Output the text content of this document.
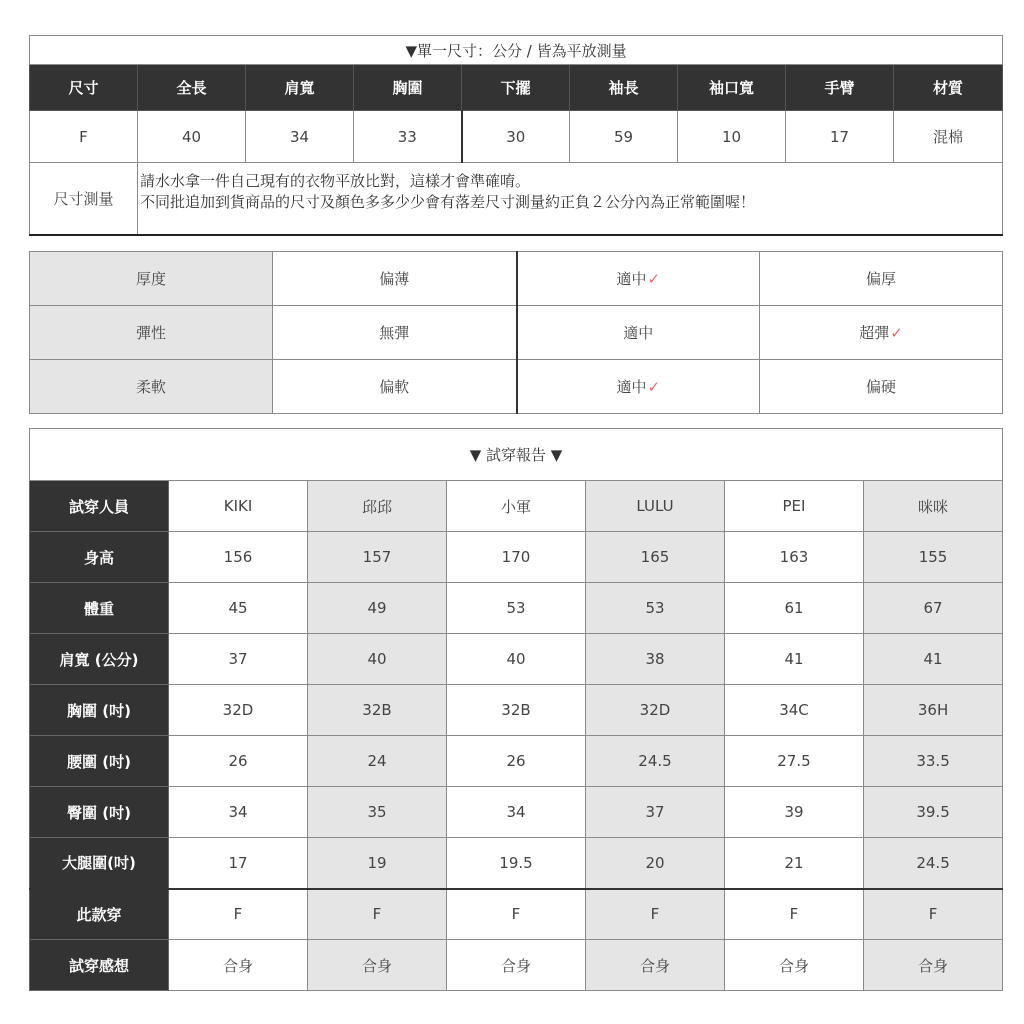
▼單一尺寸：公分 / 皆為平放測量								
尺寸	全長	肩寬	胸圍	下擺	袖長	袖口寬	手臂	材質
F	40	34	33	30	59	10	17	混棉
尺寸測量	請水水拿一件自己現有的衣物平放比對，這樣才會準確唷。
不同批追加到貨商品的尺寸及顏色多多少少會有落差尺寸測量約正負２公分內為正常範圍喔！							
厚度	偏薄	適中✓	偏厚
彈性	無彈	適中	超彈✓
柔軟	偏軟	適中✓	偏硬
▼ 試穿報告 ▼						
試穿人員	KIKI	邱邱	小軍	LULU	PEI	咪咪
身高	156	157	170	165	163	155
體重	45	49	53	53	61	67
肩寬 (公分)	37	40	40	38	41	41
胸圍 (吋)	32D	32B	32B	32D	34C	36H
腰圍 (吋)	26	24	26	24.5	27.5	33.5
臀圍 (吋)	34	35	34	37	39	39.5
大腿圍(吋)	17	19	19.5	20	21	24.5
此款穿	F	F	F	F	F	F
試穿感想	合身	合身	合身	合身	合身	合身
